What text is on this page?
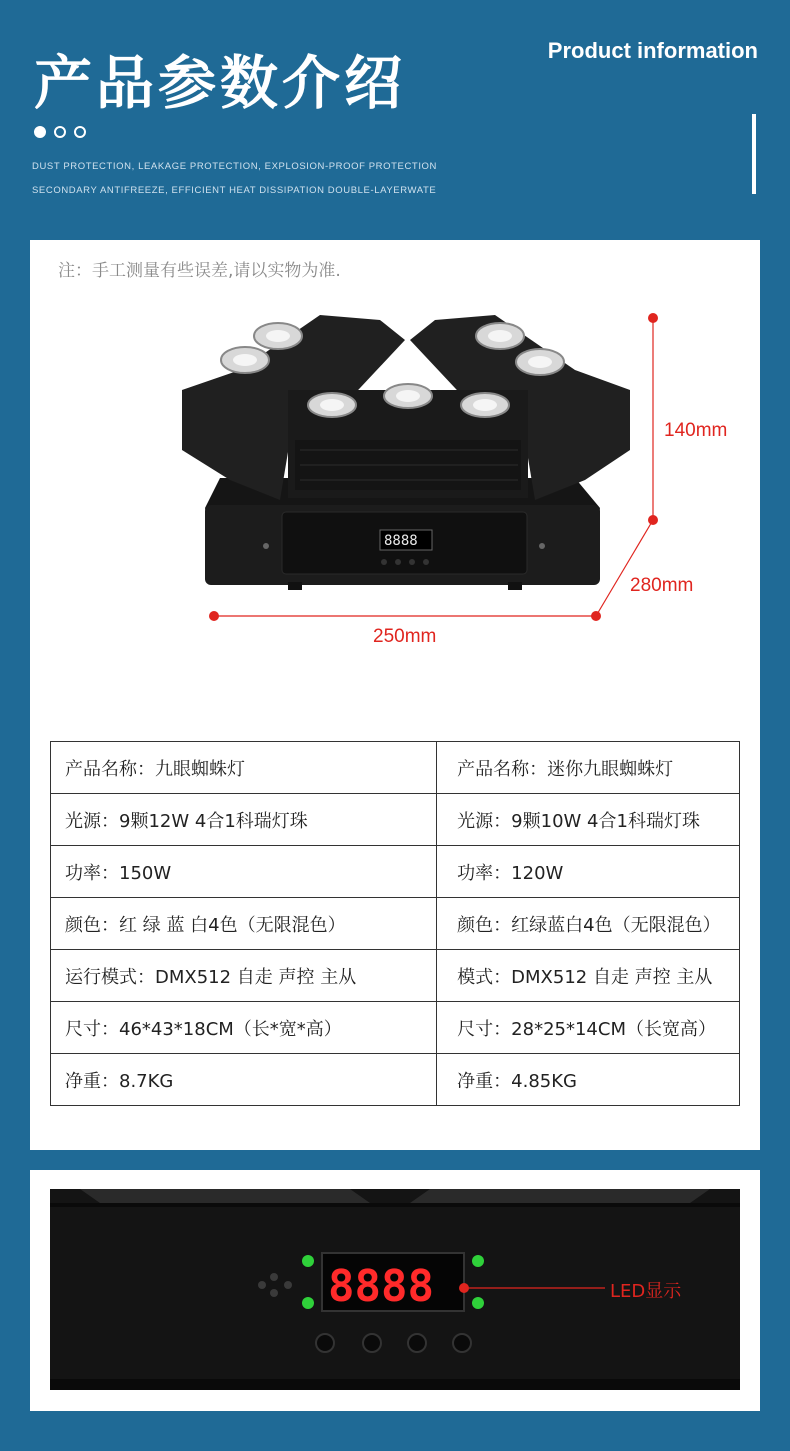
产品参数介绍	Product information
DUST PROTECTION, LEAKAGE PROTECTION, EXPLOSION-PROOF PROTECTION
SECONDARY ANTIFREEZE, EFFICIENT HEAT DISSIPATION DOUBLE-LAYERWATE
注：手工测量有些误差,请以实物为准.
8888
140mm
280mm
250mm
产品名称：九眼蜘蛛灯	产品名称：迷你九眼蜘蛛灯
光源：9颗12W 4合1科瑞灯珠	光源：9颗10W 4合1科瑞灯珠
功率：150W	功率：120W
颜色：红 绿 蓝 白4色（无限混色）	颜色：红绿蓝白4色（无限混色）
运行模式：DMX512 自走 声控 主从	模式：DMX512 自走 声控 主从
尺寸：46*43*18CM（长*宽*高）	尺寸：28*25*14CM（长宽高）
净重：8.7KG	净重：4.85KG
8888	LED显示
